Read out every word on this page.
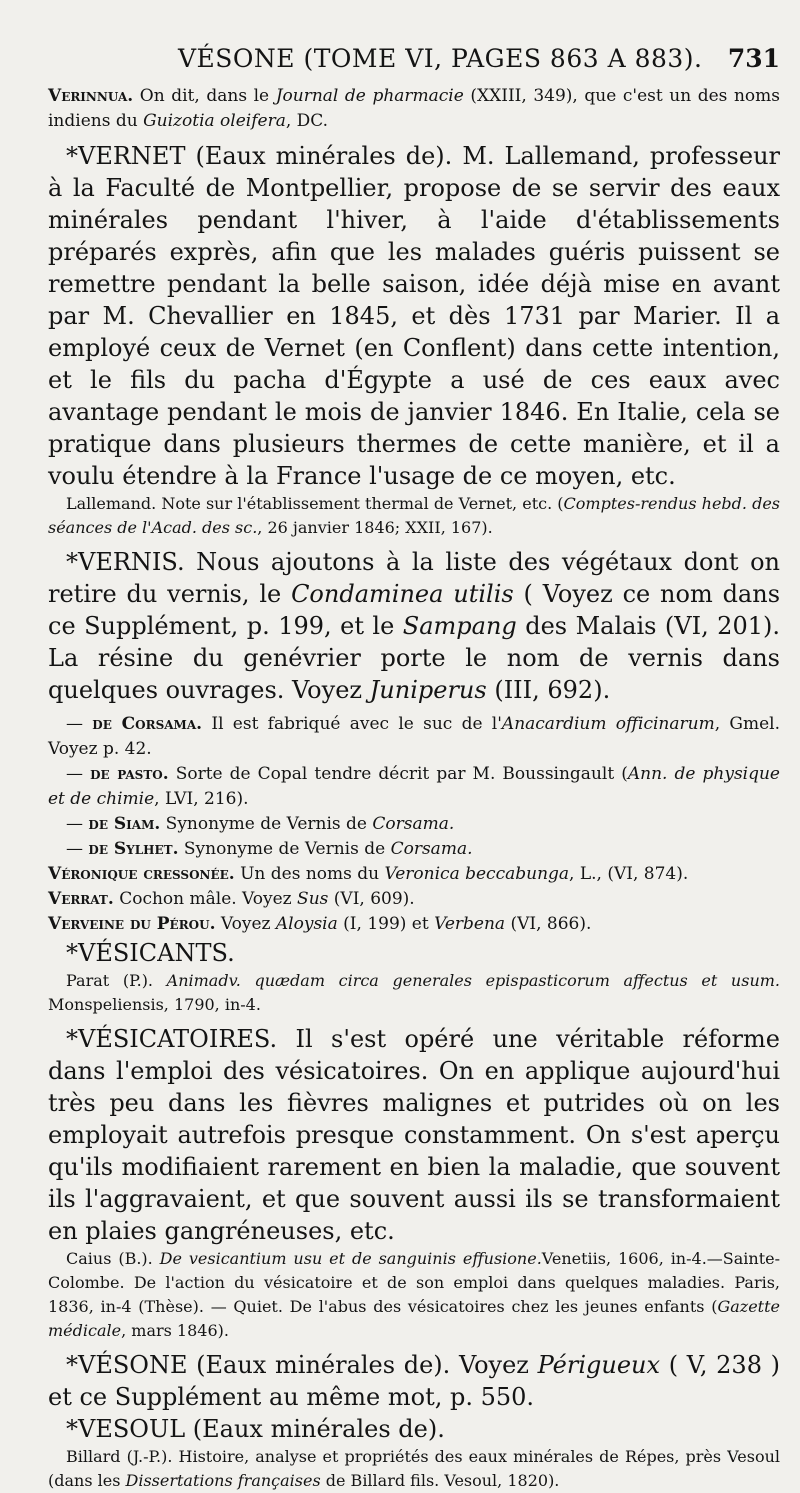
VÉSONE (TOME VI, PAGES 863 A 883). 731

Verinnua. On dit, dans le Journal de pharmacie (XXIII, 349), que c'est un des noms indiens du Guizotia oleifera, DC.

*VERNET (Eaux minérales de). M. Lallemand, professeur à la Faculté de Montpellier, propose de se servir des eaux minérales pendant l'hiver, à l'aide d'établissements préparés exprès, afin que les malades guéris puissent se remettre pendant la belle saison, idée déjà mise en avant par M. Chevallier en 1845, et dès 1731 par Marier. Il a employé ceux de Vernet (en Conflent) dans cette intention, et le fils du pacha d'Égypte a usé de ces eaux avec avantage pendant le mois de janvier 1846. En Italie, cela se pratique dans plusieurs thermes de cette manière, et il a voulu étendre à la France l'usage de ce moyen, etc.

Lallemand. Note sur l'établissement thermal de Vernet, etc. (Comptes-rendus hebd. des séances de l'Acad. des sc., 26 janvier 1846; XXII, 167).

*VERNIS. Nous ajoutons à la liste des végétaux dont on retire du vernis, le Condaminea utilis ( Voyez ce nom dans ce Supplément, p. 199, et le Sampang des Malais (VI, 201). La résine du genévrier porte le nom de vernis dans quelques ouvrages. Voyez Juniperus (III, 692).

— de Corsama. Il est fabriqué avec le suc de l'Anacardium officinarum, Gmel. Voyez p. 42.

— de pasto. Sorte de Copal tendre décrit par M. Boussingault (Ann. de physique et de chimie, LVI, 216).

— de Siam. Synonyme de Vernis de Corsama.

— de Sylhet. Synonyme de Vernis de Corsama.

Véronique cressonée. Un des noms du Veronica beccabunga, L., (VI, 874).

Verrat. Cochon mâle. Voyez Sus (VI, 609).

Verveine du Pérou. Voyez Aloysia (I, 199) et Verbena (VI, 866).

*VÉSICANTS.

Parat (P.). Animadv. quædam circa generales epispasticorum affectus et usum. Monspeliensis, 1790, in-4.

*VÉSICATOIRES. Il s'est opéré une véritable réforme dans l'emploi des vésicatoires. On en applique aujourd'hui très peu dans les fièvres malignes et putrides où on les employait autrefois presque constamment. On s'est aperçu qu'ils modifiaient rarement en bien la maladie, que souvent ils l'aggravaient, et que souvent aussi ils se transformaient en plaies gangréneuses, etc.

Caius (B.). De vesicantium usu et de sanguinis effusione.Venetiis, 1606, in-4.—Sainte-Colombe. De l'action du vésicatoire et de son emploi dans quelques maladies. Paris, 1836, in-4 (Thèse). — Quiet. De l'abus des vésicatoires chez les jeunes enfants (Gazette médicale, mars 1846).

*VÉSONE (Eaux minérales de). Voyez Périgueux ( V, 238 ) et ce Supplément au même mot, p. 550.

*VESOUL (Eaux minérales de).

Billard (J.-P.). Histoire, analyse et propriétés des eaux minérales de Répes, près Vesoul (dans les Dissertations françaises de Billard fils. Vesoul, 1820).
